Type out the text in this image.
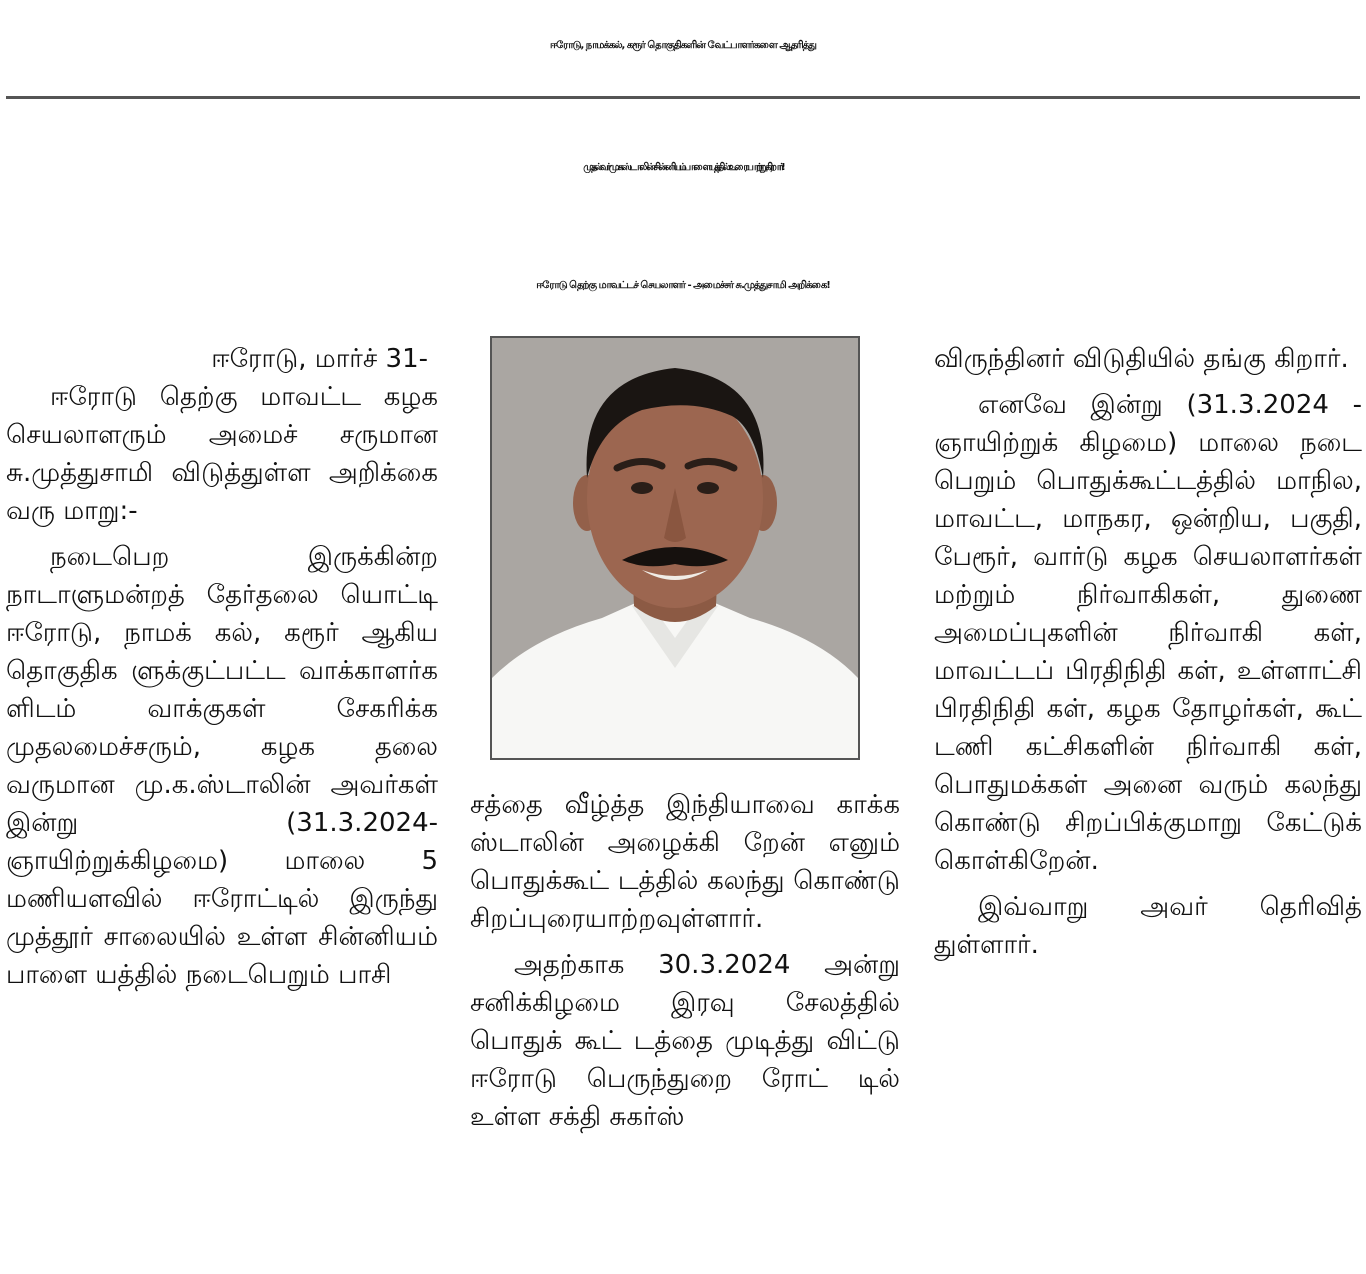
ஈரோடு, நாமக்கல், கரூர் தொகுதிகளின் வேட்பாளர்களை ஆதரித்து
முதல்வர் மு.க.ஸ்டாலின் சின்னியம்பாளையத்தில் உரையாற்றுகிறார்!
ஈரோடு தெற்கு மாவட்டச் செயலாளர் - அமைச்சர் சு.முத்துசாமி அறிக்கை!

ஈரோடு, மார்ச் 31-

ஈரோடு தெற்கு மாவட்ட கழக செயலாளரும் அமைச் சருமான சு.முத்துசாமி விடுத்துள்ள அறிக்கை வரு மாறு:-

நடைபெற இருக்கின்ற நாடாளுமன்றத் தேர்தலை யொட்டி ஈரோடு, நாமக் கல், கரூர் ஆகிய தொகுதிக ளுக்குட்பட்ட வாக்காளர்க ளிடம் வாக்குகள் சேகரிக்க முதலமைச்சரும், கழக தலை வருமான மு.க.ஸ்டாலின் அவர்கள் இன்று (31.3.2024- ஞாயிற்றுக்கிழமை) மாலை 5 மணியளவில் ஈரோட்டில் இருந்து முத்தூர் சாலையில் உள்ள சின்னியம் பாளை யத்தில் நடைபெறும் பாசி

சத்தை வீழ்த்த இந்தியாவை காக்க ஸ்டாலின் அழைக்கி றேன் எனும் பொதுக்கூட் டத்தில் கலந்து கொண்டு சிறப்புரையாற்றவுள்ளார்.

அதற்காக 30.3.2024 அன்று சனிக்கிழமை இரவு சேலத்தில் பொதுக் கூட் டத்தை முடித்து விட்டு ஈரோடு பெருந்துறை ரோட் டில் உள்ள சக்தி சுகர்ஸ்

விருந்தினர் விடுதியில் தங்கு கிறார்.

எனவே இன்று (31.3.2024 - ஞாயிற்றுக் கிழமை) மாலை நடை பெறும் பொதுக்கூட்டத்தில் மாநில, மாவட்ட, மாநகர, ஒன்றிய, பகுதி, பேரூர், வார்டு கழக செயலாளர்கள் மற்றும் நிர்வாகிகள், துணை அமைப்புகளின் நிர்வாகி கள், மாவட்டப் பிரதிநிதி கள், உள்ளாட்சி பிரதிநிதி கள், கழக தோழர்கள், கூட் டணி கட்சிகளின் நிர்வாகி கள், பொதுமக்கள் அனை வரும் கலந்து கொண்டு சிறப்பிக்குமாறு கேட்டுக் கொள்கிறேன்.

இவ்வாறு அவர் தெரிவித் துள்ளார்.
